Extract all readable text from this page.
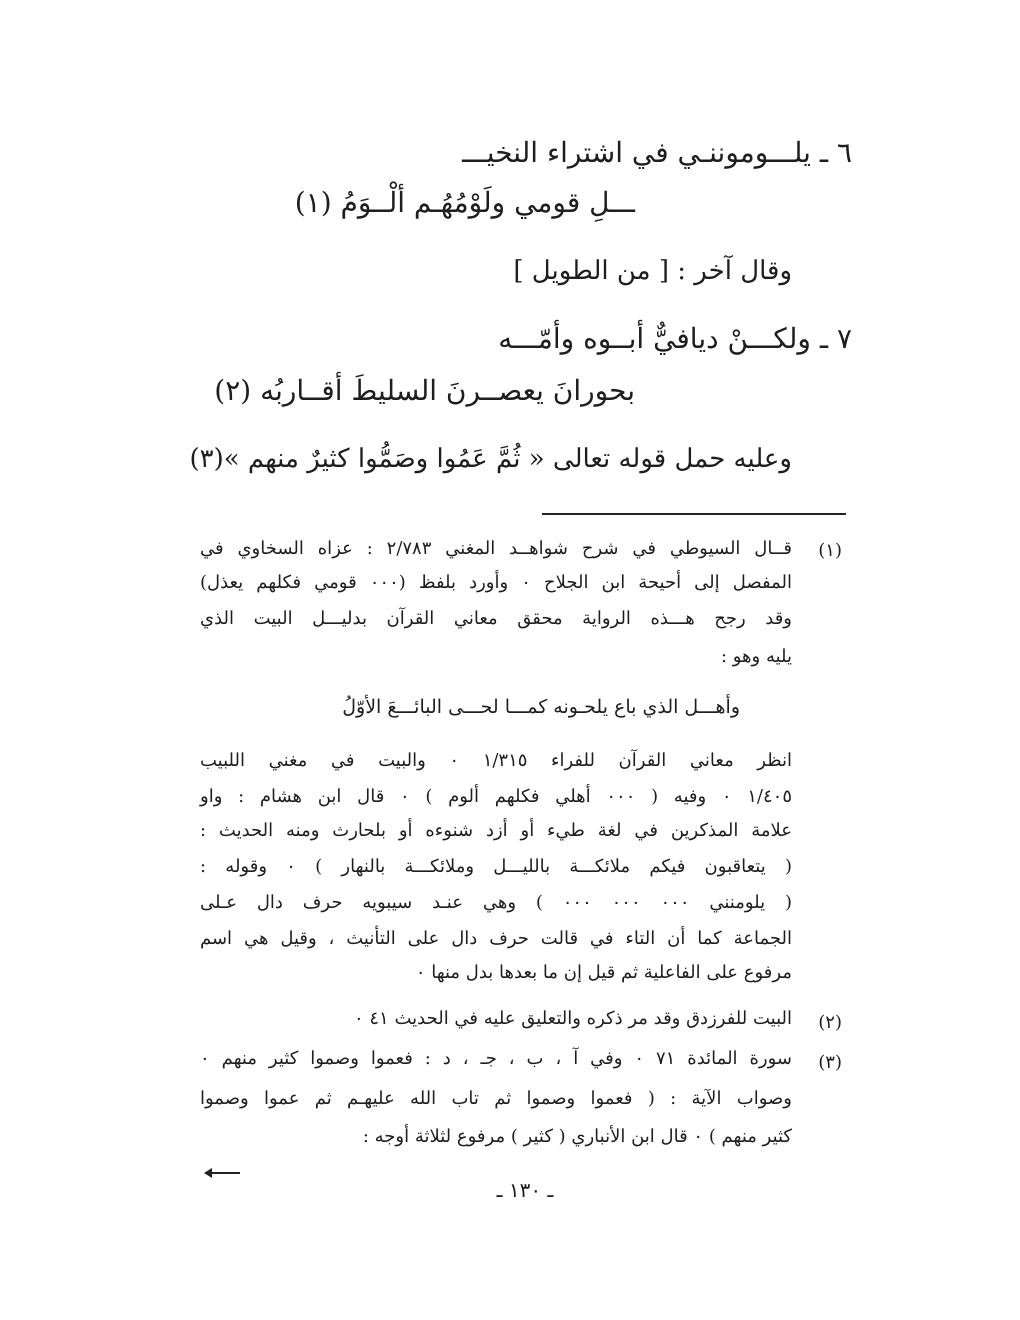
٦ ـ يلـــوموننـي في اشتراء النخيـــ
ـــلِ قومي ولَوْمُهُـم ألْــوَمُ (١)
وقال آخر : [ من الطويل ]
٧ ـ ولكـــنْ ديافيٌّ أبــوه وأمّـــه
بحورانَ يعصــرنَ السليطَ أقــاربُه (٢)
وعليه حمل قوله تعالى « ثُمَّ عَمُوا وصَمُّوا كثيرٌ منهم »(٣)
(١)
قــال السيوطي في شرح شواهــد المغني ٢/٧٨٣ : عزاه السخاوي في
المفصل إلى أحيحة ابن الجلاح ٠ وأورد بلفظ (٠٠٠ قومي فكلهم يعذل)
وقد رجح هـــذه الرواية محقق معاني القرآن بدليـــل البيت الذي
يليه وهو :
وأهـــل الذي باع يلحـونه كمـــا لحـــى البائـــعَ الأوّلُ
انظر معاني القرآن للفراء ١/٣١٥ ٠ والبيت في مغني اللبيب
١/٤٠٥ ٠ وفيه ( ٠٠٠ أهلي فكلهم ألوم ) ٠ قال ابن هشام : واو
علامة المذكرين في لغة طيء أو أزد شنوءه أو بلحارث ومنه الحديث :
( يتعاقبون فيكم ملائكـــة بالليـــل وملائكـــة بالنهار ) ٠ وقوله :
( يلومنني ٠٠٠ ٠٠٠ ٠٠٠ ) وهي عنـد سيبويه حرف دال عـلى
الجماعة كما أن التاء في قالت حرف دال على التأنيث ، وقيل هي اسم
مرفوع على الفاعلية ثم قيل إن ما بعدها بدل منها ٠
(٢)
البيت للفرزدق وقد مر ذكره والتعليق عليه في الحديث ٤١ ٠
(٣)
سورة المائدة ٧١ ٠ وفي آ ، ب ، جـ ، د : فعموا وصموا كثير منهم ٠
وصواب الآية : ( فعموا وصموا ثم تاب الله عليهـم ثم عموا وصموا
كثير منهم ) ٠ قال ابن الأنباري ( كثير ) مرفوع لثلاثة أوجه :
ـ ١٣٠ ـ
